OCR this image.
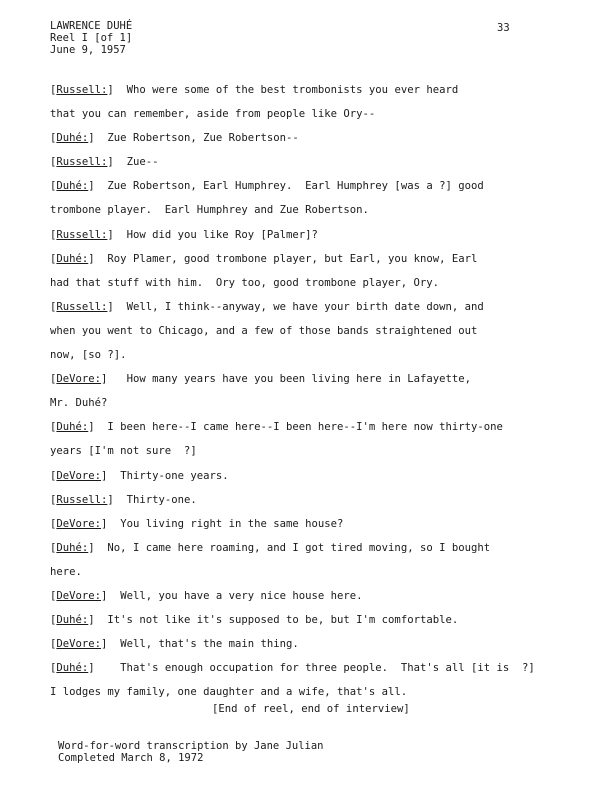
LAWRENCE DUHÉ
Reel I [of 1]
June 9, 1957
33
[Russell:]  Who were some of the best trombonists you ever heard
that you can remember, aside from people like Ory--
[Duhé:]  Zue Robertson, Zue Robertson--
[Russell:]  Zue--
[Duhé:]  Zue Robertson, Earl Humphrey.  Earl Humphrey [was a ?] good
trombone player.  Earl Humphrey and Zue Robertson.
[Russell:]  How did you like Roy [Palmer]?
[Duhé:]  Roy Plamer, good trombone player, but Earl, you know, Earl
had that stuff with him.  Ory too, good trombone player, Ory.
[Russell:]  Well, I think--anyway, we have your birth date down, and
when you went to Chicago, and a few of those bands straightened out
now, [so ?].
[DeVore:]   How many years have you been living here in Lafayette,
Mr. Duhé?
[Duhé:]  I been here--I came here--I been here--I'm here now thirty-one
years [I'm not sure  ?]
[DeVore:]  Thirty-one years.
[Russell:]  Thirty-one.
[DeVore:]  You living right in the same house?
[Duhé:]  No, I came here roaming, and I got tired moving, so I bought
here.
[DeVore:]  Well, you have a very nice house here.
[Duhé:]  It's not like it's supposed to be, but I'm comfortable.
[DeVore:]  Well, that's the main thing.
[Duhé:]    That's enough occupation for three people.  That's all [it is  ?]
I lodges my family, one daughter and a wife, that's all.
[End of reel, end of interview]
Word-for-word transcription by Jane Julian
Completed March 8, 1972
